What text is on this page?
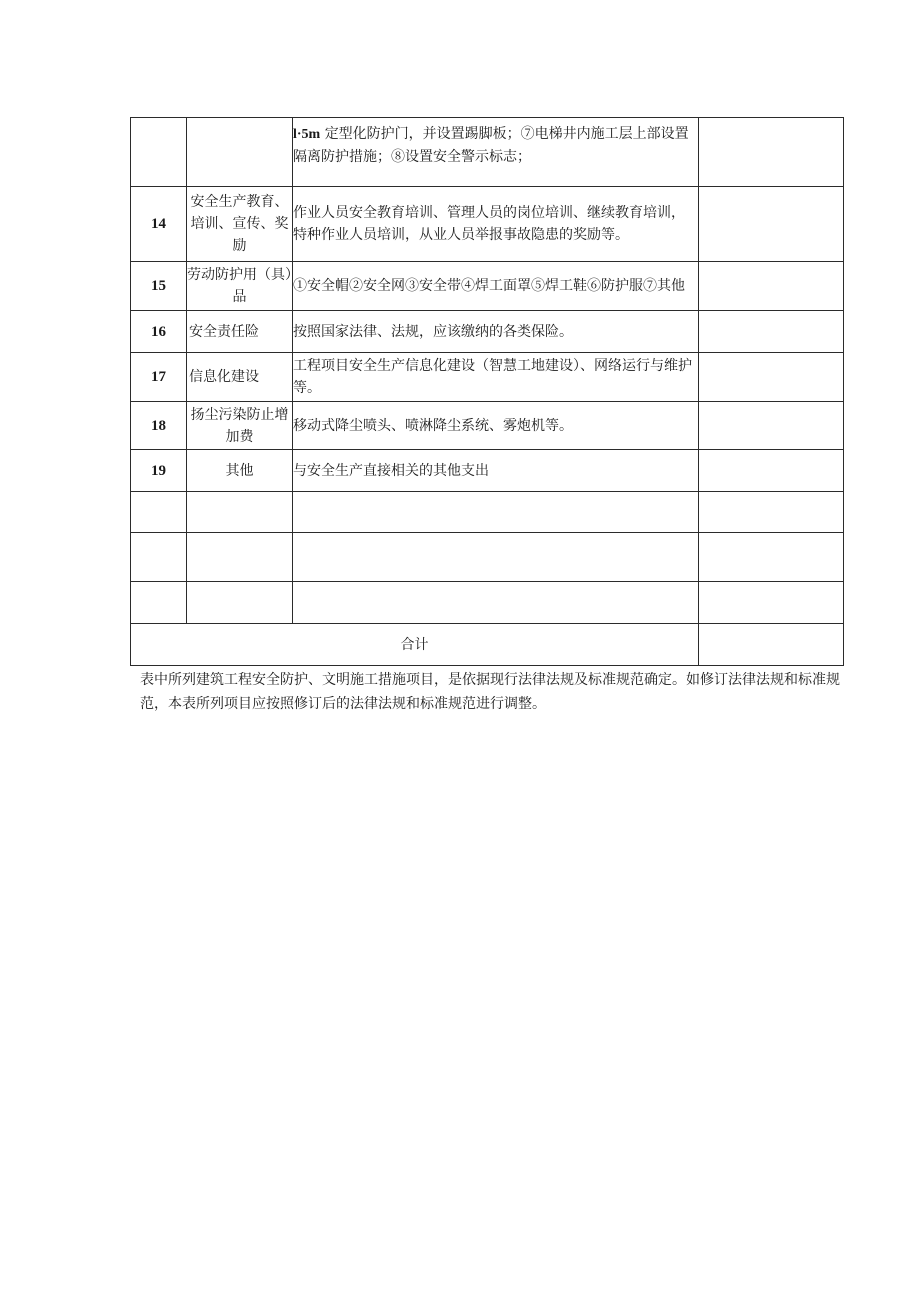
		l·5m 定型化防护门，并设置踢脚板；⑦电梯井内施工层上部设置隔离防护措施；⑧设置安全警示标志；	
14	安全生产教育、培训、宣传、奖励	作业人员安全教育培训、管理人员的岗位培训、继续教育培训，特种作业人员培训，从业人员举报事故隐患的奖励等。	
15	劳动防护用（具）品	①安全帽②安全网③安全带④焊工面罩⑤焊工鞋⑥防护服⑦其他	
16	安全责任险	按照国家法律、法规，应该缴纳的各类保险。	
17	信息化建设	工程项目安全生产信息化建设（智慧工地建设）、网络运行与维护等。	
18	扬尘污染防止增加费	移动式降尘喷头、喷淋降尘系统、雾炮机等。	
19	其他	与安全生产直接相关的其他支出	

合计			

表中所列建筑工程安全防护、文明施工措施项目，是依据现行法律法规及标准规范确定。如修订法律法规和标准规范，本表所列项目应按照修订后的法律法规和标准规范进行调整。
